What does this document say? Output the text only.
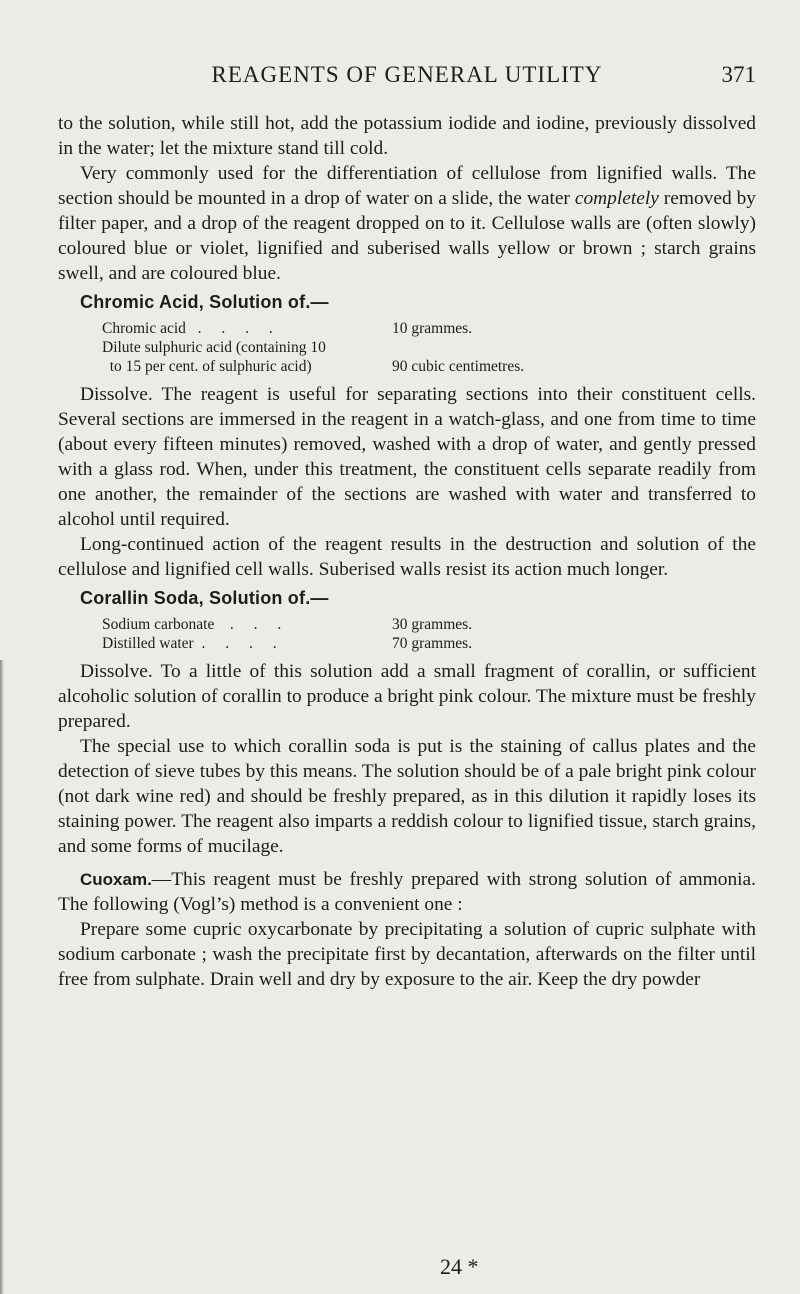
REAGENTS OF GENERAL UTILITY	371

to the solution, while still hot, add the potassium iodide and iodine, previously dissolved in the water; let the mixture stand till cold.

Very commonly used for the differentiation of cellulose from lignified walls. The section should be mounted in a drop of water on a slide, the water completely removed by filter paper, and a drop of the reagent dropped on to it. Cellulose walls are (often slowly) coloured blue or violet, lignified and suberised walls yellow or brown ; starch grains swell, and are coloured blue.

Chromic Acid, Solution of.—
Chromic acid . . . .	10 grammes.
Dilute sulphuric acid (containing 10
to 15 per cent. of sulphuric acid)	90 cubic centimetres.

Dissolve. The reagent is useful for separating sections into their constituent cells. Several sections are immersed in the reagent in a watch-glass, and one from time to time (about every fifteen minutes) removed, washed with a drop of water, and gently pressed with a glass rod. When, under this treatment, the constituent cells separate readily from one another, the remainder of the sections are washed with water and transferred to alcohol until required.

Long-continued action of the reagent results in the destruction and solution of the cellulose and lignified cell walls. Suberised walls resist its action much longer.

Corallin Soda, Solution of.—
Sodium carbonate . . .	30 grammes.
Distilled water . . . .	70 grammes.

Dissolve. To a little of this solution add a small fragment of corallin, or sufficient alcoholic solution of corallin to produce a bright pink colour. The mixture must be freshly prepared.

The special use to which corallin soda is put is the staining of callus plates and the detection of sieve tubes by this means. The solution should be of a pale bright pink colour (not dark wine red) and should be freshly prepared, as in this dilution it rapidly loses its staining power. The reagent also imparts a reddish colour to lignified tissue, starch grains, and some forms of mucilage.

Cuoxam.—This reagent must be freshly prepared with strong solution of ammonia. The following (Vogl’s) method is a convenient one :

Prepare some cupric oxycarbonate by precipitating a solution of cupric sulphate with sodium carbonate ; wash the precipitate first by decantation, afterwards on the filter until free from sulphate. Drain well and dry by exposure to the air. Keep the dry powder

24 *
